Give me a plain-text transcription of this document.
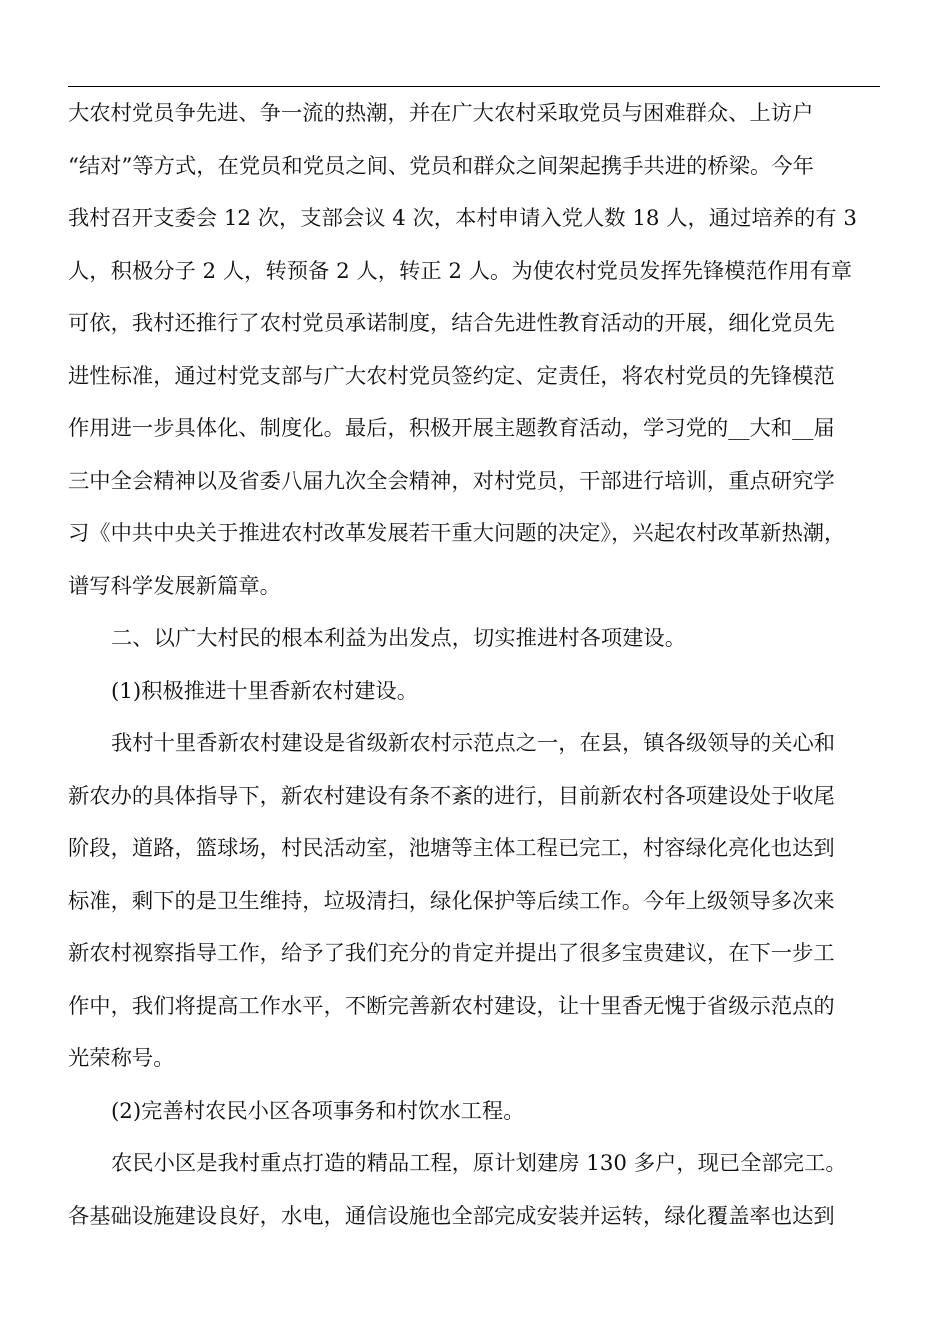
大农村党员争先进、争一流的热潮，并在广大农村采取党员与困难群众、上访户
“结对”等方式，在党员和党员之间、党员和群众之间架起携手共进的桥梁。今年
我村召开支委会 12 次，支部会议 4 次，本村申请入党人数 18 人，通过培养的有 3
人，积极分子 2 人，转预备 2 人，转正 2 人。为使农村党员发挥先锋模范作用有章
可依，我村还推行了农村党员承诺制度，结合先进性教育活动的开展，细化党员先
进性标准，通过村党支部与广大农村党员签约定、定责任，将农村党员的先锋模范
作用进一步具体化、制度化。最后，积极开展主题教育活动，学习党的__大和__届
三中全会精神以及省委八届九次全会精神，对村党员，干部进行培训，重点研究学
习《中共中央关于推进农村改革发展若干重大问题的决定》，兴起农村改革新热潮，
谱写科学发展新篇章。
二、以广大村民的根本利益为出发点，切实推进村各项建设。
(1)积极推进十里香新农村建设。
我村十里香新农村建设是省级新农村示范点之一，在县，镇各级领导的关心和
新农办的具体指导下，新农村建设有条不紊的进行，目前新农村各项建设处于收尾
阶段，道路，篮球场，村民活动室，池塘等主体工程已完工，村容绿化亮化也达到
标准，剩下的是卫生维持，垃圾清扫，绿化保护等后续工作。今年上级领导多次来
新农村视察指导工作，给予了我们充分的肯定并提出了很多宝贵建议，在下一步工
作中，我们将提高工作水平，不断完善新农村建设，让十里香无愧于省级示范点的
光荣称号。
(2)完善村农民小区各项事务和村饮水工程。
农民小区是我村重点打造的精品工程，原计划建房 130 多户，现已全部完工。
各基础设施建设良好，水电，通信设施也全部完成安装并运转，绿化覆盖率也达到
